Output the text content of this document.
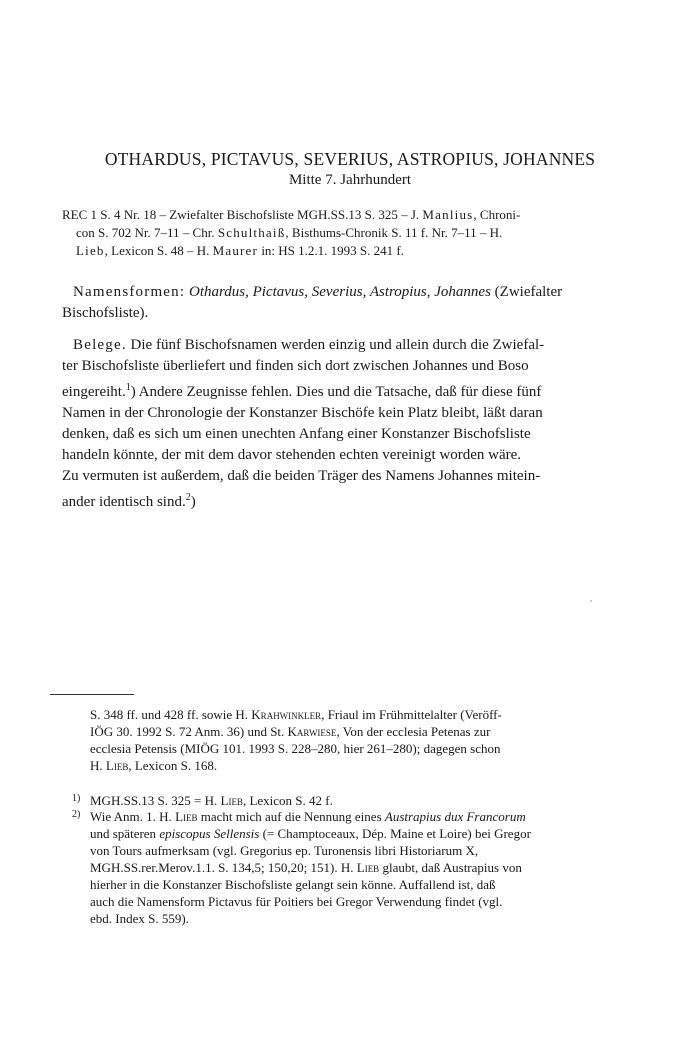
OTHARDUS, PICTAVUS, SEVERIUS, ASTROPIUS, JOHANNES
Mitte 7. Jahrhundert
REC 1 S. 4 Nr. 18 – Zwiefalter Bischofsliste MGH.SS.13 S. 325 – J. Manlius, Chroni-
con S. 702 Nr. 7–11 – Chr. Schulthaiß, Bisthums-Chronik S. 11 f. Nr. 7–11 – H.
Lieb, Lexicon S. 48 – H. Maurer in: HS 1.2.1. 1993 S. 241 f.
Namensformen: Othardus, Pictavus, Severius, Astropius, Johannes (Zwiefalter
Bischofsliste).
Belege. Die fünf Bischofsnamen werden einzig und allein durch die Zwiefal-
ter Bischofsliste überliefert und finden sich dort zwischen Johannes und Boso
eingereiht.$^1$) Andere Zeugnisse fehlen. Dies und die Tatsache, daß für diese fünf
Namen in der Chronologie der Konstanzer Bischöfe kein Platz bleibt, läßt daran
denken, daß es sich um einen unechten Anfang einer Konstanzer Bischofsliste
handeln könnte, der mit dem davor stehenden echten vereinigt worden wäre.
Zu vermuten ist außerdem, daß die beiden Träger des Namens Johannes mitein-
ander identisch sind.$^2$)
S. 348 ff. und 428 ff. sowie H. Krahwinkler, Friaul im Frühmittelalter (Veröff-
IÖG 30. 1992 S. 72 Anm. 36) und St. Karwiese, Von der ecclesia Petenas zur
ecclesia Petensis (MIÖG 101. 1993 S. 228–280, hier 261–280); dagegen schon
H. Lieb, Lexicon S. 168.
1) MGH.SS.13 S. 325 = H. Lieb, Lexicon S. 42 f.
2) Wie Anm. 1. H. Lieb macht mich auf die Nennung eines Austrapius dux Francorum
und späteren episcopus Sellensis (= Champtoceaux, Dép. Maine et Loire) bei Gregor
von Tours aufmerksam (vgl. Gregorius ep. Turonensis libri Historiarum X,
MGH.SS.rer.Merov.1.1. S. 134,5; 150,20; 151). H. Lieb glaubt, daß Austrapius von
hierher in die Konstanzer Bischofsliste gelangt sein könne. Auffallend ist, daß
auch die Namensform Pictavus für Poitiers bei Gregor Verwendung findet (vgl.
ebd. Index S. 559).
